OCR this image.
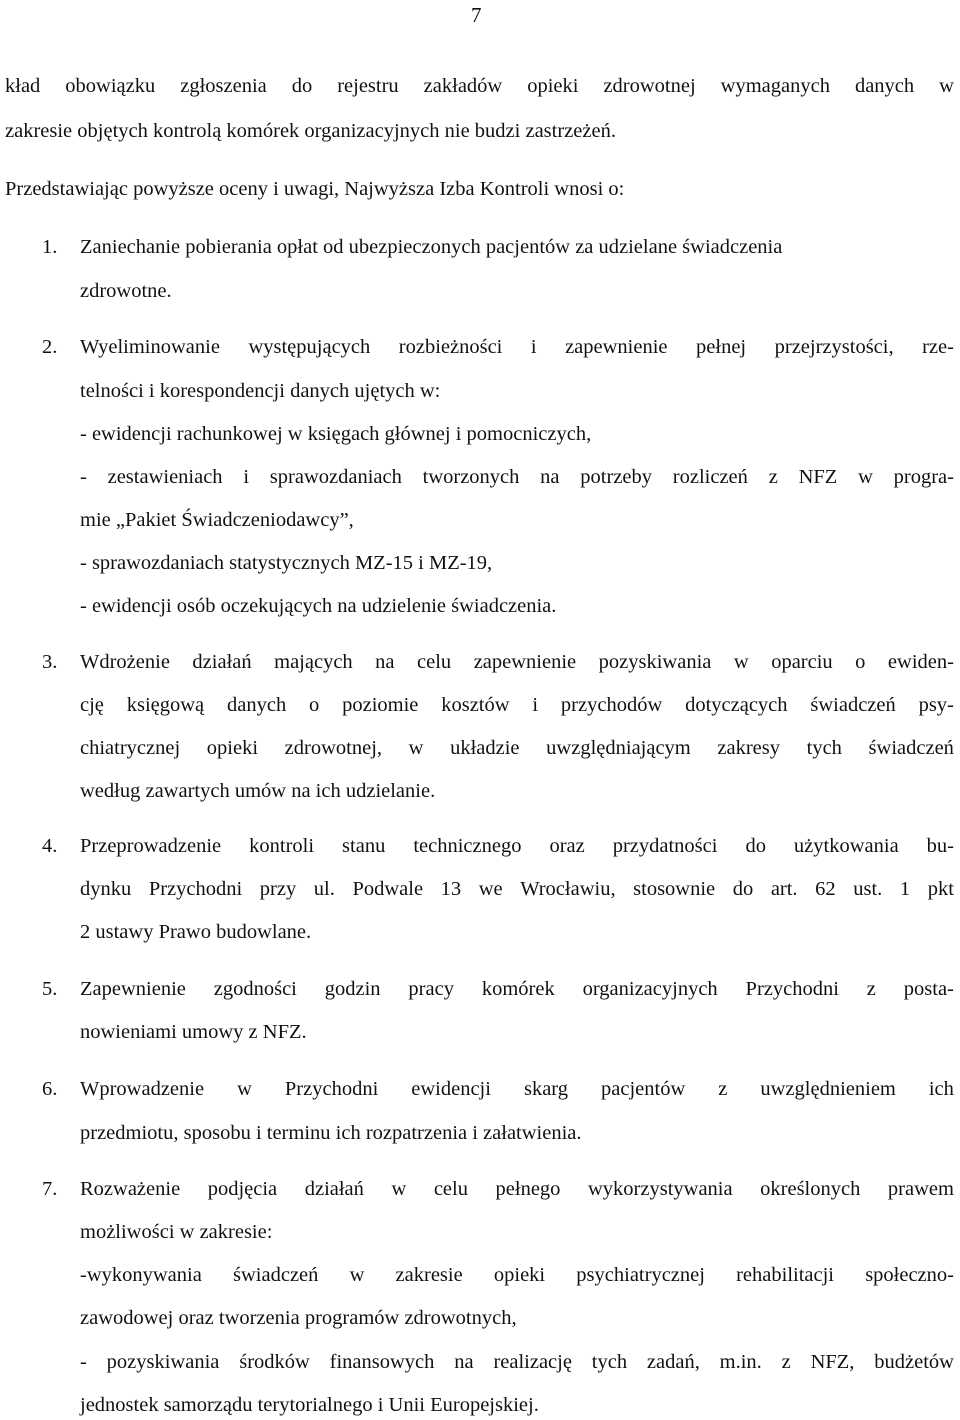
7
kład obowiązku zgłoszenia do rejestru zakładów opieki zdrowotnej wymaganych danych w
zakresie objętych kontrolą komórek organizacyjnych nie budzi zastrzeżeń.
Przedstawiając powyższe oceny i uwagi, Najwyższa Izba Kontroli wnosi o:
1. Zaniechanie pobierania opłat od ubezpieczonych pacjentów za udzielane świadczenia
zdrowotne.
2. Wyeliminowanie występujących rozbieżności i zapewnienie pełnej przejrzystości, rze-
telności i korespondencji danych ujętych w:
- ewidencji rachunkowej w księgach głównej i pomocniczych,
- zestawieniach i sprawozdaniach tworzonych na potrzeby rozliczeń z NFZ w progra-
mie „Pakiet Świadczeniodawcy”,
- sprawozdaniach statystycznych MZ-15 i MZ-19,
- ewidencji osób oczekujących na udzielenie świadczenia.
3. Wdrożenie działań mających na celu zapewnienie pozyskiwania w oparciu o ewiden-
cję księgową danych o poziomie kosztów i przychodów dotyczących świadczeń psy-
chiatrycznej opieki zdrowotnej, w układzie uwzględniającym zakresy tych świadczeń
według zawartych umów na ich udzielanie.
4. Przeprowadzenie kontroli stanu technicznego oraz przydatności do użytkowania bu-
dynku Przychodni przy ul. Podwale 13 we Wrocławiu, stosownie do art. 62 ust. 1 pkt
2 ustawy Prawo budowlane.
5. Zapewnienie zgodności godzin pracy komórek organizacyjnych Przychodni z posta-
nowieniami umowy z NFZ.
6. Wprowadzenie w Przychodni ewidencji skarg pacjentów z uwzględnieniem ich
przedmiotu, sposobu i terminu ich rozpatrzenia i załatwienia.
7. Rozważenie podjęcia działań w celu pełnego wykorzystywania określonych prawem
możliwości w zakresie:
-wykonywania świadczeń w zakresie opieki psychiatrycznej rehabilitacji społeczno-
zawodowej oraz tworzenia programów zdrowotnych,
- pozyskiwania środków finansowych na realizację tych zadań, m.in. z NFZ, budżetów
jednostek samorządu terytorialnego i Unii Europejskiej.
